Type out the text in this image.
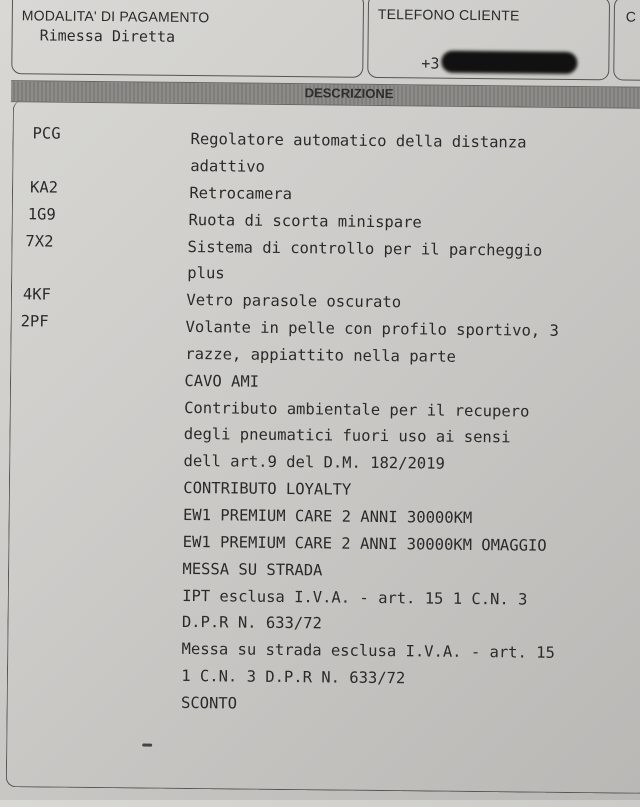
MODALITA' DI PAGAMENTO
Rimessa Diretta
TELEFONO CLIENTE
+3
C
DESCRIZIONE
PCG	Regolatore automatico della distanza
adattivo
KA2	Retrocamera
1G9	Ruota di scorta minispare
7X2	Sistema di controllo per il parcheggio
plus
4KF	Vetro parasole oscurato
2PF	Volante in pelle con profilo sportivo, 3
razze, appiattito nella parte
CAVO AMI
Contributo ambientale per il recupero
degli pneumatici fuori uso ai sensi
dell art.9 del D.M. 182/2019
CONTRIBUTO LOYALTY
EW1 PREMIUM CARE 2 ANNI 30000KM
EW1 PREMIUM CARE 2 ANNI 30000KM OMAGGIO
MESSA SU STRADA
IPT esclusa I.V.A. - art. 15 1 C.N. 3
D.P.R N. 633/72
Messa su strada esclusa I.V.A. - art. 15
1 C.N. 3 D.P.R N. 633/72
SCONTO
